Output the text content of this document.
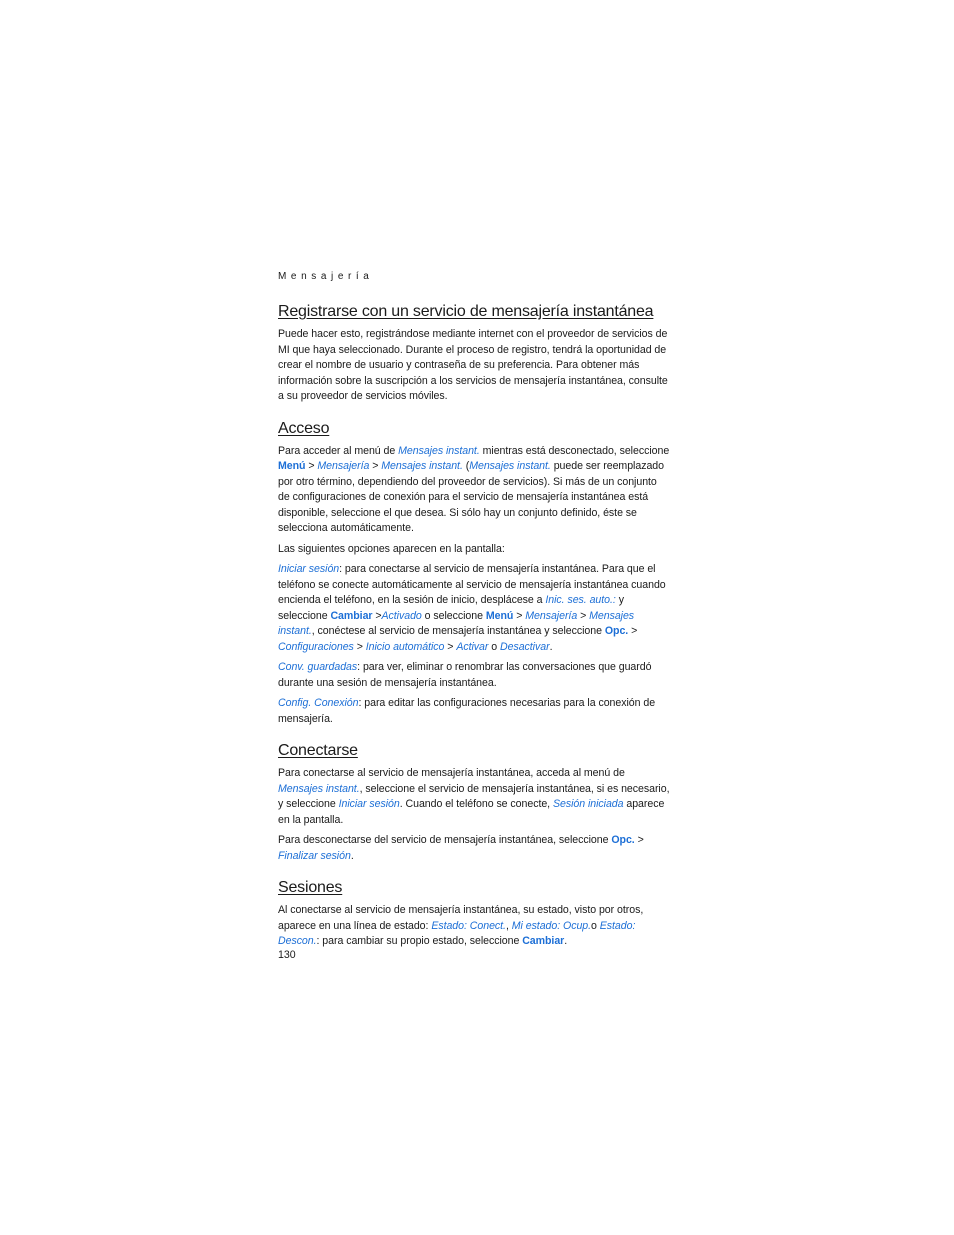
Mensajería
Registrarse con un servicio de mensajería instantánea

Puede hacer esto, registrándose mediante internet con el proveedor de servicios de MI que haya seleccionado. Durante el proceso de registro, tendrá la oportunidad de crear el nombre de usuario y contraseña de su preferencia. Para obtener más información sobre la suscripción a los servicios de mensajería instantánea, consulte a su proveedor de servicios móviles.

Acceso

Para acceder al menú de Mensajes instant. mientras está desconectado, seleccione Menú > Mensajería > Mensajes instant. (Mensajes instant. puede ser reemplazado por otro término, dependiendo del proveedor de servicios). Si más de un conjunto de configuraciones de conexión para el servicio de mensajería instantánea está disponible, seleccione el que desea. Si sólo hay un conjunto definido, éste se selecciona automáticamente.

Las siguientes opciones aparecen en la pantalla:

Iniciar sesión: para conectarse al servicio de mensajería instantánea. Para que el teléfono se conecte automáticamente al servicio de mensajería instantánea cuando encienda el teléfono, en la sesión de inicio, desplácese a Inic. ses. auto.: y seleccione Cambiar >Activado o seleccione Menú > Mensajería > Mensajes instant., conéctese al servicio de mensajería instantánea y seleccione Opc. > Configuraciones > Inicio automático > Activar o Desactivar.

Conv. guardadas: para ver, eliminar o renombrar las conversaciones que guardó durante una sesión de mensajería instantánea.

Config. Conexión: para editar las configuraciones necesarias para la conexión de mensajería.

Conectarse

Para conectarse al servicio de mensajería instantánea, acceda al menú de Mensajes instant., seleccione el servicio de mensajería instantánea, si es necesario, y seleccione Iniciar sesión. Cuando el teléfono se conecte, Sesión iniciada aparece en la pantalla.

Para desconectarse del servicio de mensajería instantánea, seleccione Opc. > Finalizar sesión.

Sesiones

Al conectarse al servicio de mensajería instantánea, su estado, visto por otros, aparece en una línea de estado: Estado: Conect., Mi estado: Ocup.o Estado: Descon.: para cambiar su propio estado, seleccione Cambiar.

130
